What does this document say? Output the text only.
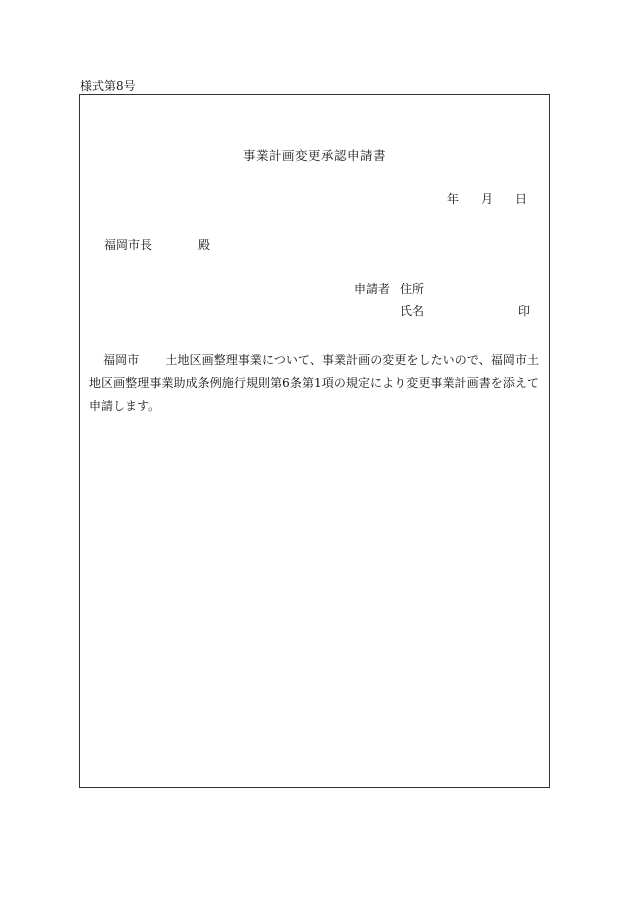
様式第8号
事業計画変更承認申請書
年 月 日
福岡市長	殿
申請者 住所
氏名	印
福岡市 土地区画整理事業について、事業計画の変更をしたいので、福岡市土地区画整理事業助成条例施行規則第6条第1項の規定により変更事業計画書を添えて申請します。
